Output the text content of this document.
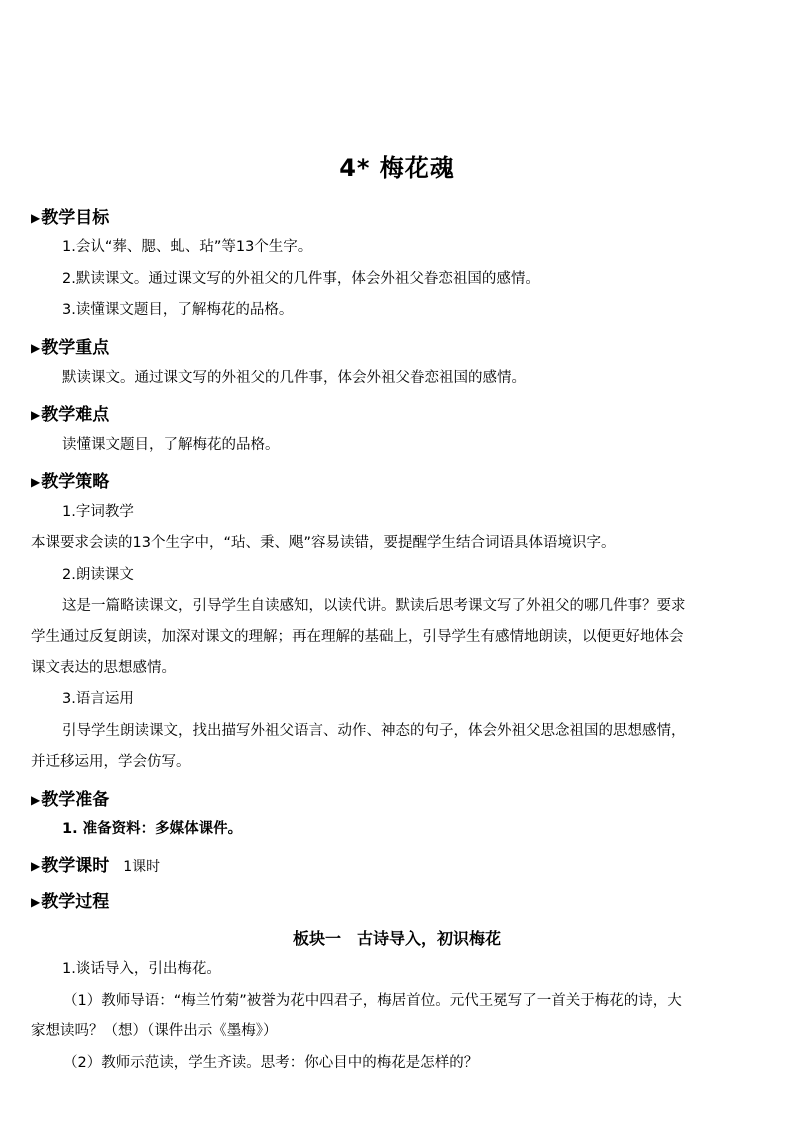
4* 梅花魂
▶教学目标
1.会认“葬、腮、虬、玷”等13个生字。
2.默读课文。通过课文写的外祖父的几件事，体会外祖父眷恋祖国的感情。
3.读懂课文题目，了解梅花的品格。
▶教学重点
默读课文。通过课文写的外祖父的几件事，体会外祖父眷恋祖国的感情。
▶教学难点
读懂课文题目，了解梅花的品格。
▶教学策略
1.字词教学
本课要求会读的13个生字中，“玷、秉、飓”容易读错，要提醒学生结合词语具体语境识字。
2.朗读课文
这是一篇略读课文，引导学生自读感知，以读代讲。默读后思考课文写了外祖父的哪几件事？要求
学生通过反复朗读，加深对课文的理解；再在理解的基础上，引导学生有感情地朗读，以便更好地体会
课文表达的思想感情。
3.语言运用
引导学生朗读课文，找出描写外祖父语言、动作、神态的句子，体会外祖父思念祖国的思想感情，
并迁移运用，学会仿写。
▶教学准备
1. 准备资料：多媒体课件。
▶教学课时 1课时
▶教学过程
板块一　古诗导入，初识梅花
1.谈话导入，引出梅花。
（1）教师导语：“梅兰竹菊”被誉为花中四君子，梅居首位。元代王冕写了一首关于梅花的诗，大
家想读吗？（想）（课件出示《墨梅》）
（2）教师示范读，学生齐读。思考：你心目中的梅花是怎样的？
